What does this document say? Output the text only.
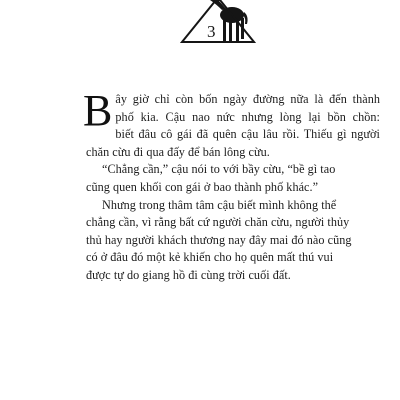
3

B ây giờ chỉ còn bốn ngày đường nữa là đến thành
phố kia. Cậu nao nức nhưng lòng lại bồn chồn:
biết đâu cô gái đã quên cậu lâu rồi. Thiếu gì người
chăn cừu đi qua đấy để bán lông cừu.

“Chẳng cần,” cậu nói to với bầy cừu, “bề gì tao
cũng quen khối con gái ở bao thành phố khác.”

Nhưng trong thâm tâm cậu biết mình không thể
chẳng cần, vì rằng bất cứ người chăn cừu, người thủy
thủ hay người khách thương nay đây mai đó nào cũng
có ở đâu đó một kẻ khiến cho họ quên mất thú vui
được tự do giang hồ đi cùng trời cuối đất.
